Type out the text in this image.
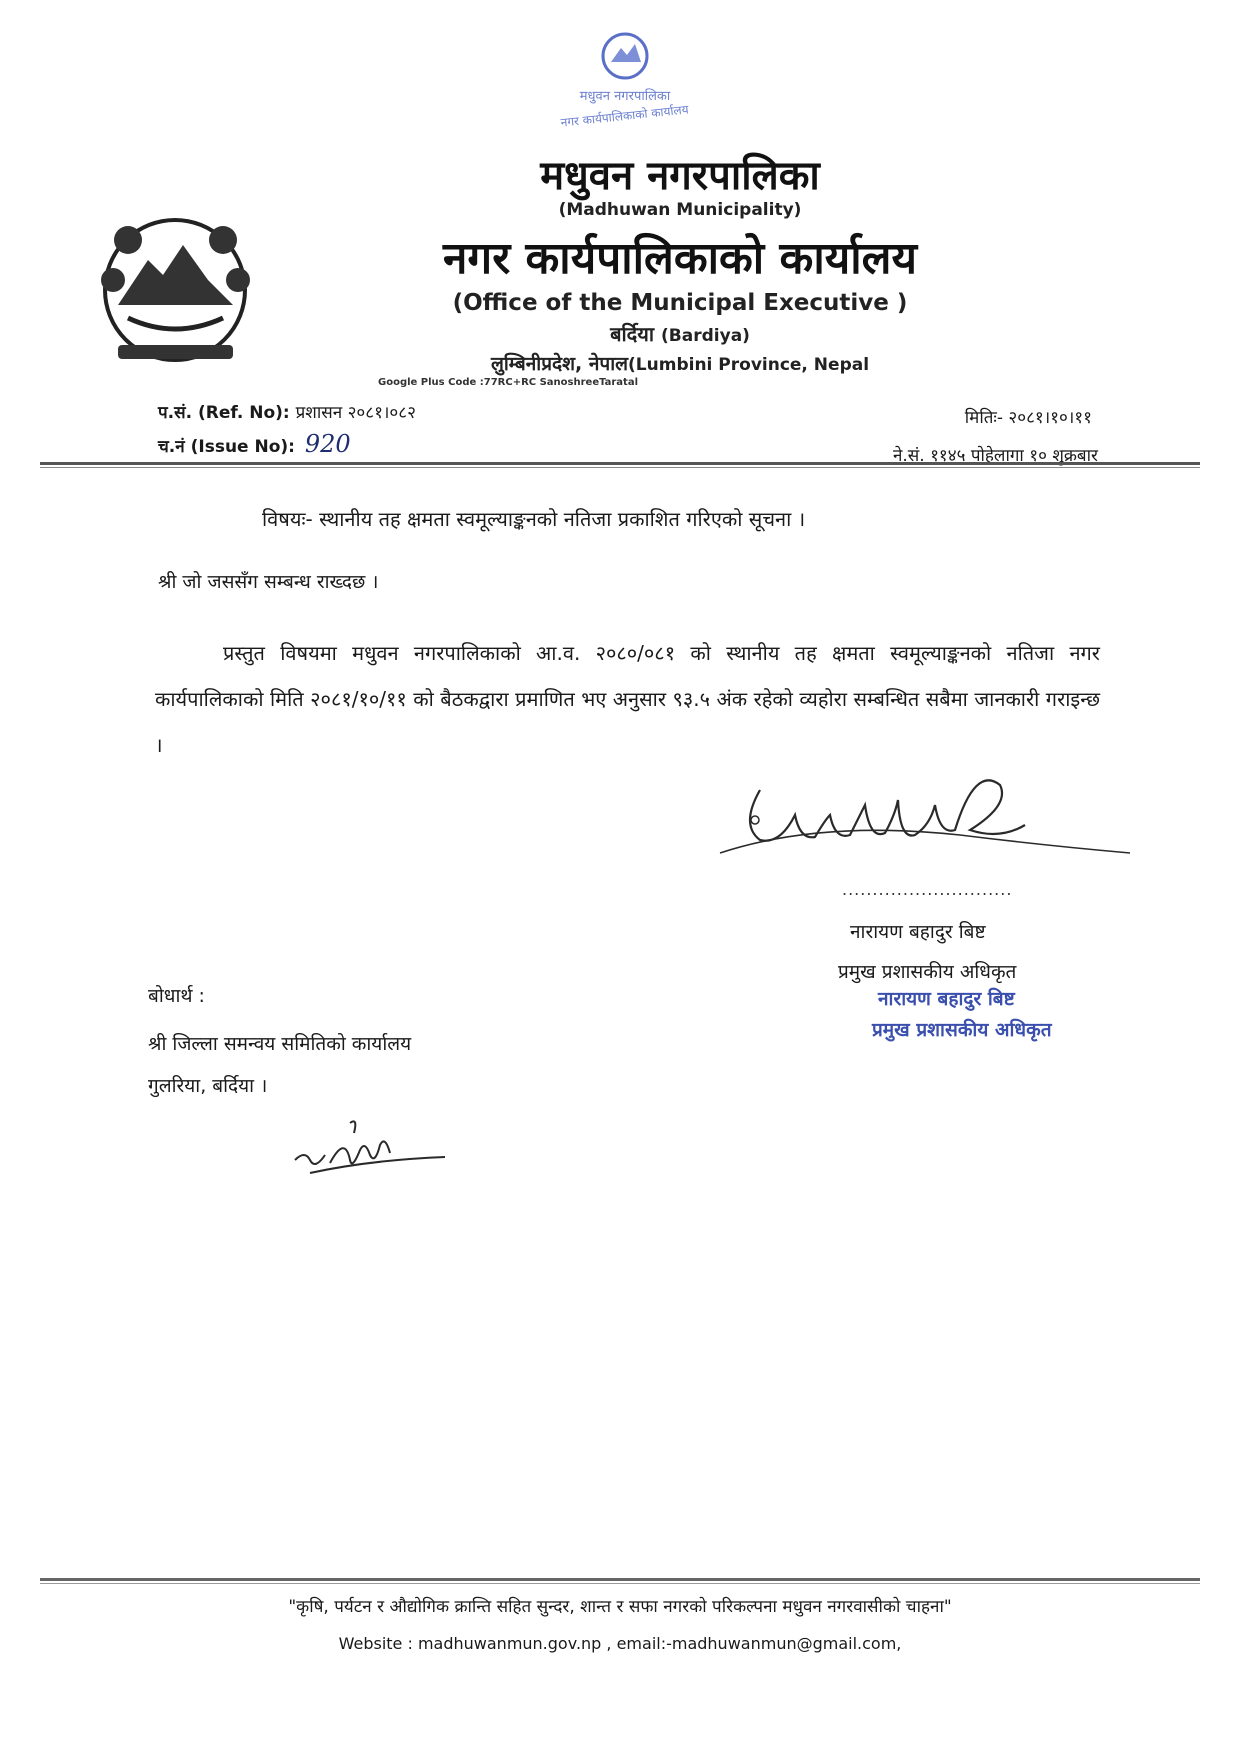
मधुवन नगरपालिका
नगर कार्यपालिकाको कार्यालय
मधुवन नगरपालिका
(Madhuwan Municipality)
नगर कार्यपालिकाको कार्यालय
(Office of the Municipal Executive )
बर्दिया (Bardiya)
लुम्बिनीप्रदेश, नेपाल(Lumbini Province, Nepal
Google Plus Code :77RC+RC SanoshreeTaratal
प.सं. (Ref. No): प्रशासन २०८१।०८२
च.नं (Issue No): 920
मितिः- २०८१।१०।११
ने.सं. ११४५ पोहेलागा १० शुक्रबार
विषयः- स्थानीय तह क्षमता स्वमूल्याङ्कनको नतिजा प्रकाशित गरिएको सूचना ।
श्री जो जससँग सम्बन्ध राख्दछ ।
प्रस्तुत विषयमा मधुवन नगरपालिकाको आ.व. २०८०/०८१ को स्थानीय तह क्षमता स्वमूल्याङ्कनको नतिजा नगर कार्यपालिकाको मिति २०८१/१०/११ को बैठकद्वारा प्रमाणित भए अनुसार ९३.५ अंक रहेको व्यहोरा सम्बन्धित सबैमा जानकारी गराइन्छ ।
............................
नारायण बहादुर बिष्ट
प्रमुख प्रशासकीय अधिकृत
नारायण बहादुर बिष्ट
प्रमुख प्रशासकीय अधिकृत
बोधार्थ :
श्री जिल्ला समन्वय समितिको कार्यालय
गुलरिया, बर्दिया ।
"कृषि, पर्यटन र औद्योगिक क्रान्ति सहित सुन्दर, शान्त र सफा नगरको परिकल्पना मधुवन नगरवासीको चाहना"
Website : madhuwanmun.gov.np , email:-madhuwanmun@gmail.com,
